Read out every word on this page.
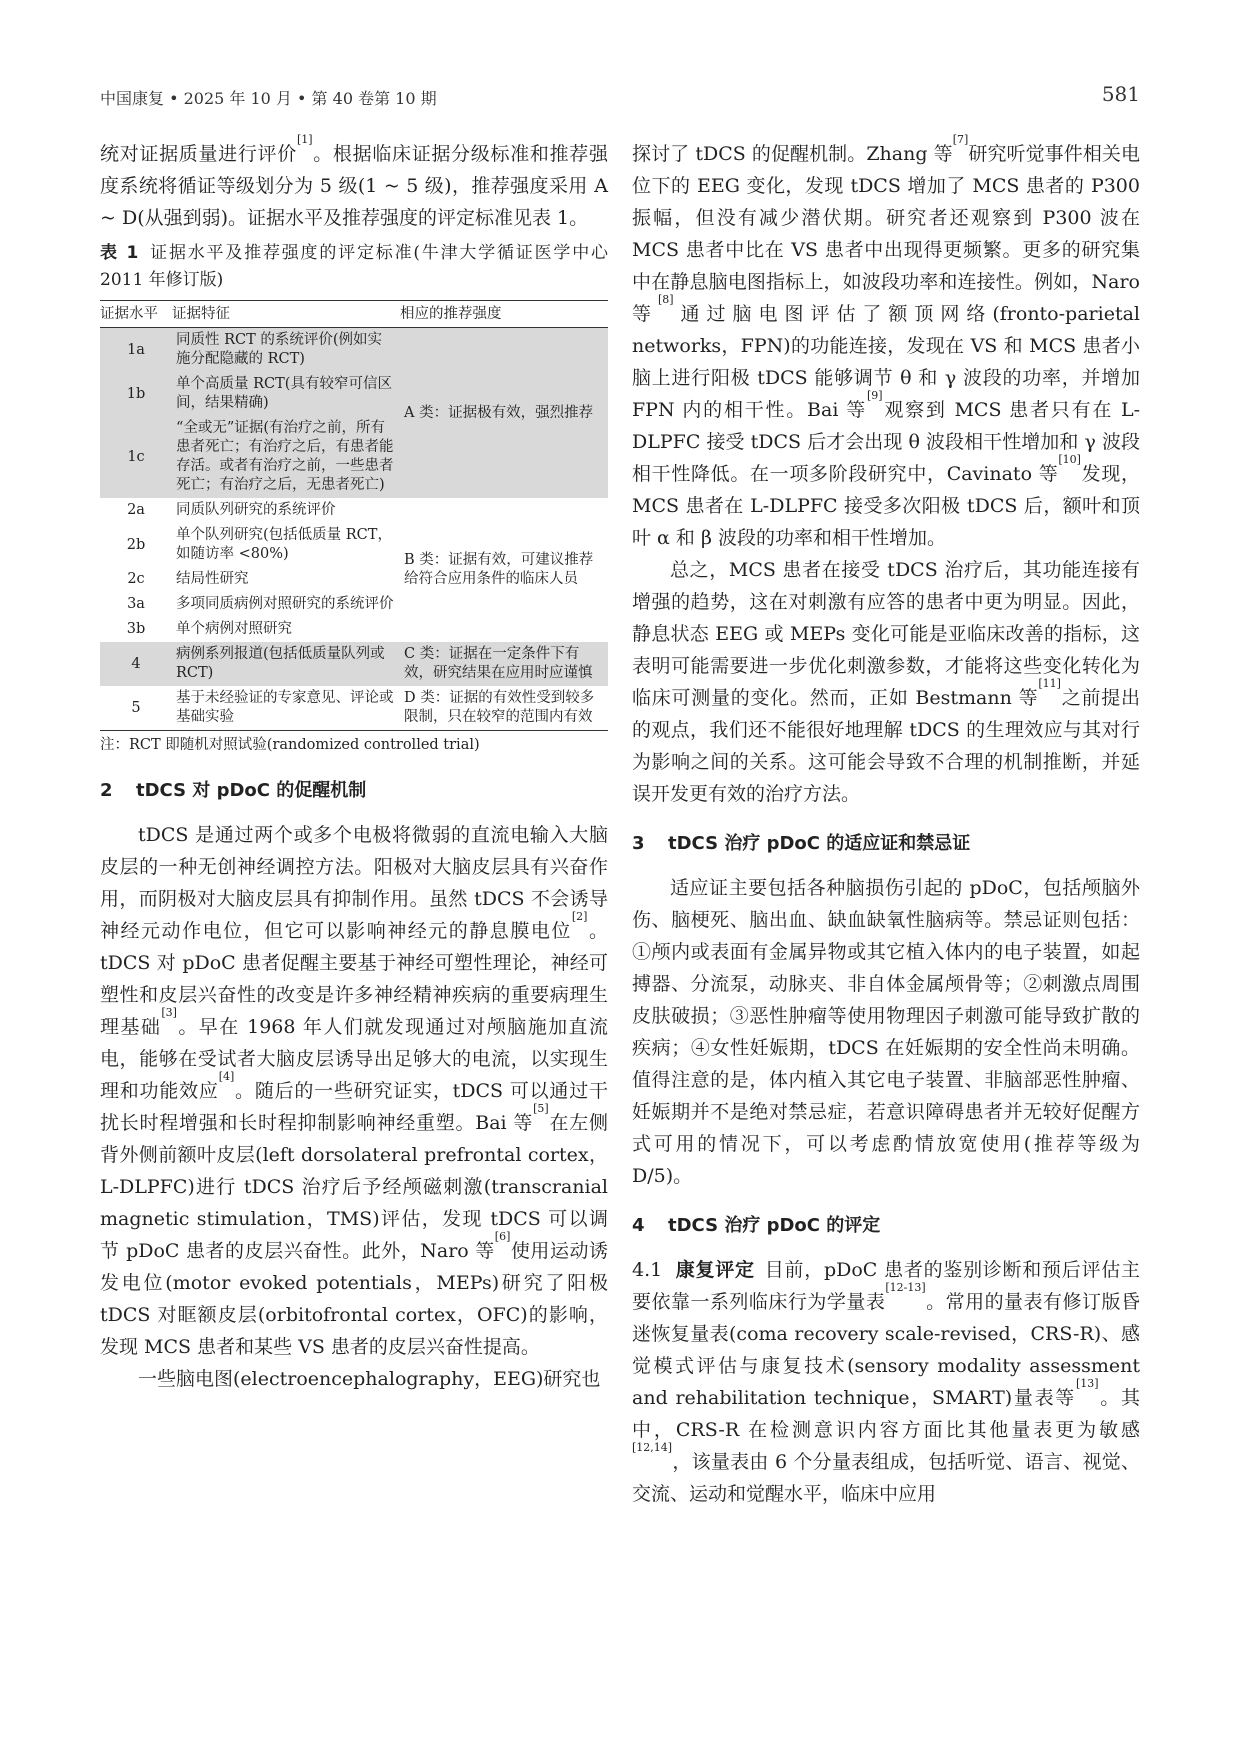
中国康复 • 2025 年 10 月 • 第 40 卷第 10 期	581

统对证据质量进行评价[1]。根据临床证据分级标准和推荐强度系统将循证等级划分为 5 级(1 ~ 5 级)，推荐强度采用 A ~ D(从强到弱)。证据水平及推荐强度的评定标准见表 1。

表 1 证据水平及推荐强度的评定标准(牛津大学循证医学中心 2011 年修订版)
证据水平	证据特征	相应的推荐强度
1a	同质性 RCT 的系统评价(例如实施分配隐藏的 RCT)	A 类：证据极有效，强烈推荐
1b	单个高质量 RCT(具有较窄可信区间，结果精确)	
1c	“全或无”证据(有治疗之前，所有患者死亡；有治疗之后，有患者能存活。或者有治疗之前，一些患者死亡；有治疗之后，无患者死亡)	
2a	同质队列研究的系统评价	B 类：证据有效，可建议推荐给符合应用条件的临床人员
2b	单个队列研究(包括低质量 RCT，如随访率 <80%)	
2c	结局性研究	
3a	多项同质病例对照研究的系统评价	
3b	单个病例对照研究	
4	病例系列报道(包括低质量队列或 RCT)	C 类：证据在一定条件下有效，研究结果在应用时应谨慎
5	基于未经验证的专家意见、评论或基础实验	D 类：证据的有效性受到较多限制，只在较窄的范围内有效
注：RCT 即随机对照试验(randomized controlled trial)
2 tDCS 对 pDoC 的促醒机制

tDCS 是通过两个或多个电极将微弱的直流电输入大脑皮层的一种无创神经调控方法。阳极对大脑皮层具有兴奋作用，而阴极对大脑皮层具有抑制作用。虽然 tDCS 不会诱导神经元动作电位，但它可以影响神经元的静息膜电位[2]。tDCS 对 pDoC 患者促醒主要基于神经可塑性理论，神经可塑性和皮层兴奋性的改变是许多神经精神疾病的重要病理生理基础[3]。早在 1968 年人们就发现通过对颅脑施加直流电，能够在受试者大脑皮层诱导出足够大的电流，以实现生理和功能效应[4]。随后的一些研究证实，tDCS 可以通过干扰长时程增强和长时程抑制影响神经重塑。Bai 等[5]在左侧背外侧前额叶皮层(left dorsolateral prefrontal cortex，L-DLPFC)进行 tDCS 治疗后予经颅磁刺激(transcranial magnetic stimulation，TMS)评估，发现 tDCS 可以调节 pDoC 患者的皮层兴奋性。此外，Naro 等[6]使用运动诱发电位(motor evoked potentials，MEPs)研究了阳极 tDCS 对眶额皮层(orbitofrontal cortex，OFC)的影响，发现 MCS 患者和某些 VS 患者的皮层兴奋性提高。

一些脑电图(electroencephalography，EEG)研究也

探讨了 tDCS 的促醒机制。Zhang 等[7]研究听觉事件相关电位下的 EEG 变化，发现 tDCS 增加了 MCS 患者的 P300 振幅，但没有减少潜伏期。研究者还观察到 P300 波在 MCS 患者中比在 VS 患者中出现得更频繁。更多的研究集中在静息脑电图指标上，如波段功率和连接性。例如，Naro 等[8]通过脑电图评估了额顶网络(fronto-parietal networks，FPN)的功能连接，发现在 VS 和 MCS 患者小脑上进行阳极 tDCS 能够调节 θ 和 γ 波段的功率，并增加 FPN 内的相干性。Bai 等[9]观察到 MCS 患者只有在 L-DLPFC 接受 tDCS 后才会出现 θ 波段相干性增加和 γ 波段相干性降低。在一项多阶段研究中，Cavinato 等[10]发现，MCS 患者在 L-DLPFC 接受多次阳极 tDCS 后，额叶和顶叶 α 和 β 波段的功率和相干性增加。

总之，MCS 患者在接受 tDCS 治疗后，其功能连接有增强的趋势，这在对刺激有应答的患者中更为明显。因此，静息状态 EEG 或 MEPs 变化可能是亚临床改善的指标，这表明可能需要进一步优化刺激参数，才能将这些变化转化为临床可测量的变化。然而，正如 Bestmann 等[11]之前提出的观点，我们还不能很好地理解 tDCS 的生理效应与其对行为影响之间的关系。这可能会导致不合理的机制推断，并延误开发更有效的治疗方法。

3 tDCS 治疗 pDoC 的适应证和禁忌证

适应证主要包括各种脑损伤引起的 pDoC，包括颅脑外伤、脑梗死、脑出血、缺血缺氧性脑病等。禁忌证则包括：①颅内或表面有金属异物或其它植入体内的电子装置，如起搏器、分流泵，动脉夹、非自体金属颅骨等；②刺激点周围皮肤破损；③恶性肿瘤等使用物理因子刺激可能导致扩散的疾病；④女性妊娠期，tDCS 在妊娠期的安全性尚未明确。值得注意的是，体内植入其它电子装置、非脑部恶性肿瘤、妊娠期并不是绝对禁忌症，若意识障碍患者并无较好促醒方式可用的情况下，可以考虑酌情放宽使用(推荐等级为 D/5)。

4 tDCS 治疗 pDoC 的评定

4.1 康复评定 目前，pDoC 患者的鉴别诊断和预后评估主要依靠一系列临床行为学量表[12-13]。常用的量表有修订版昏迷恢复量表(coma recovery scale-revised，CRS-R)、感觉模式评估与康复技术(sensory modality assessment and rehabilitation technique，SMART)量表等[13]。其中，CRS-R 在检测意识内容方面比其他量表更为敏感[12,14]，该量表由 6 个分量表组成，包括听觉、语言、视觉、交流、运动和觉醒水平，临床中应用
